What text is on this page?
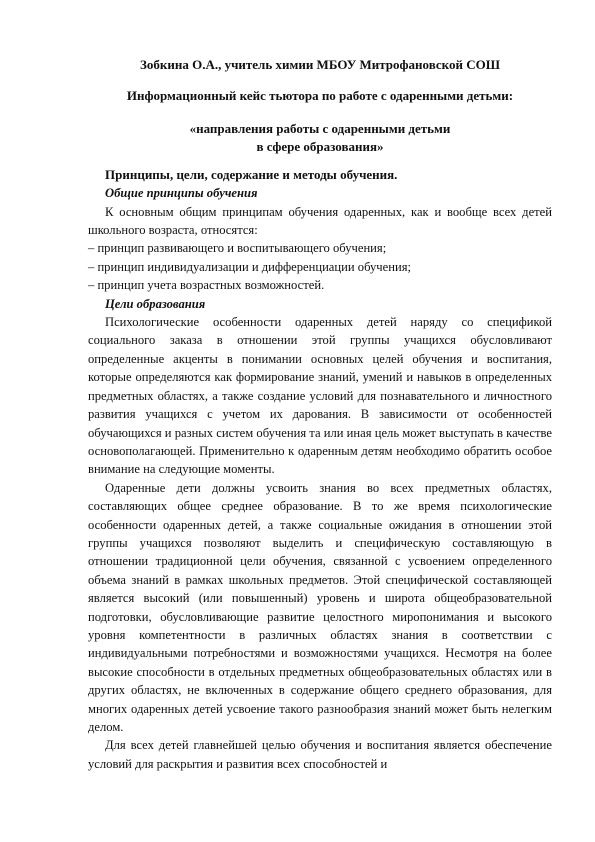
Зобкина О.А., учитель химии МБОУ Митрофановской СОШ
Информационный кейс тьютора по работе с одаренными детьми:
«направления работы с одаренными детьми
в сфере образования»
Принципы, цели, содержание и методы обучения.
Общие принципы обучения

К основным общим принципам обучения одаренных, как и вообще всех детей школьного возраста, относятся:

– принцип развивающего и воспитывающего обучения;
– принцип индивидуализации и дифференциации обучения;
– принцип учета возрастных возможностей.
Цели образования

Психологические особенности одаренных детей наряду со спецификой социального заказа в отношении этой группы учащихся обусловливают определенные акценты в понимании основных целей обучения и воспитания, которые определяются как формирование знаний, умений и навыков в определенных предметных областях, а также создание условий для познавательного и личностного развития учащихся с учетом их дарования. В зависимости от особенностей обучающихся и разных систем обучения та или иная цель может выступать в качестве основополагающей. Применительно к одаренным детям необходимо обратить особое внимание на следующие моменты.

Одаренные дети должны усвоить знания во всех предметных областях, составляющих общее среднее образование. В то же время психологические особенности одаренных детей, а также социальные ожидания в отношении этой группы учащихся позволяют выделить и специфическую составляющую в отношении традиционной цели обучения, связанной с усвоением определенного объема знаний в рамках школьных предметов. Этой специфической составляющей является высокий (или повышенный) уровень и широта общеобразовательной подготовки, обусловливающие развитие целостного миропонимания и высокого уровня компетентности в различных областях знания в соответствии с индивидуальными потребностями и возможностями учащихся. Несмотря на более высокие способности в отдельных предметных общеобразовательных областях или в других областях, не включенных в содержание общего среднего образования, для многих одаренных детей усвоение такого разнообразия знаний может быть нелегким делом.

Для всех детей главнейшей целью обучения и воспитания является обеспечение условий для раскрытия и развития всех способностей и
